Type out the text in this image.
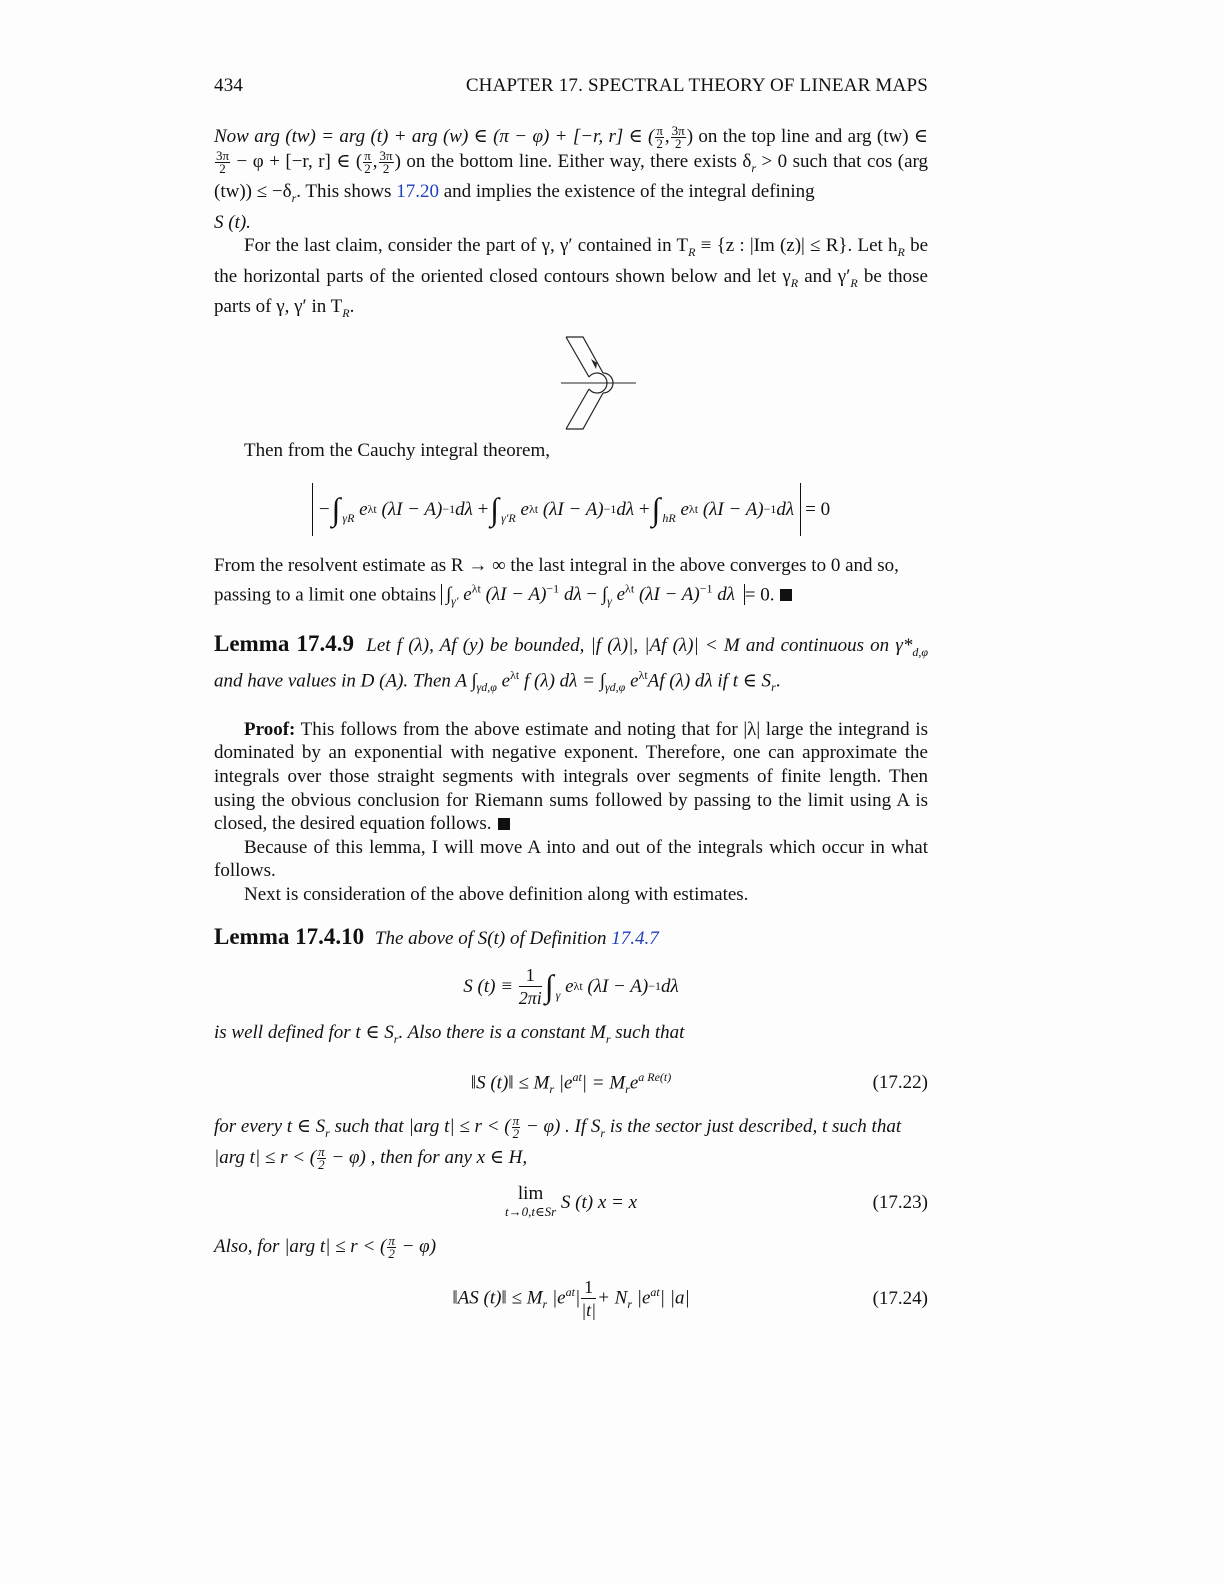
434	CHAPTER 17. SPECTRAL THEORY OF LINEAR MAPS

Now arg (tw) = arg (t) + arg (w) ∈ (π − φ) + [−r, r] ∈ ( $\frac{\pi}{2}$ , $\frac{3\pi}{2}$ ) on the top line and arg (tw) ∈
$\frac{3\pi}{2} - \varphi + [-r$, r] ∈ ( $\frac{\pi}{2}$ , $\frac{3\pi}{2}$ ) on the bottom line. Either way, there exists $\delta_r > 0$ such that cos (arg $(tw)) \le -\delta_r$. This shows 17.20 and implies the existence of the integral defining
S (t).

For the last claim, consider the part of γ, γ′ contained in $T_R \equiv \{z$ : |Im (z)| ≤ R}. Let $h_R$ be the horizontal parts of the oriented closed contours shown below and let $\gamma_R$ and $\gamma'_R$ be those parts of γ, γ′ in $T_R$.

Then from the Cauchy integral theorem,

− $\int_{\gamma R}$
e λt
(λI − A) −1 dλ
+ $\int_{\gamma'R}$
e λt
(λI − A) −1 dλ
+ $\int_{hR}$
e λt
(λI − A) −1 dλ = 0

From the resolvent estimate as R → ∞ the last integral in the above converges to 0 and so,
passing to a limit one obtains $\int_{\gamma'}$ $e^{\lambda t}$ $(\lambda I - A)^{-1}$ $d\lambda - \int_\gamma$ $e^{\lambda t}$ $(\lambda I - A)^{-1}$ dλ = 0.

Lemma 17.4.9 Let f (λ), Af (y) be bounded, |f (λ)|, |Af (λ)| < M and continuous on $\gamma*_{d,\varphi}$ and have values in D (A). Then A $\int_{\gamma d,\varphi}$ $e^{\lambda t}$ f (λ) $d\lambda = \int_{\gamma d,\varphi}$ $e^{\lambda t}Af$ (λ) dλ if t ∈ $S_r$.

Proof: This follows from the above estimate and noting that for |λ| large the integrand is dominated by an exponential with negative exponent. Therefore, one can approximate the integrals over those straight segments with integrals over segments of finite length. Then using the obvious conclusion for Riemann sums followed by passing to the limit using A is closed, the desired equation follows.

Because of this lemma, I will move A into and out of the integrals which occur in what follows.

Next is consideration of the above definition along with estimates.

Lemma 17.4.10 The above of S(t) of Definition 17.4.7

S (t) ≡
$\frac{1}{2\pi i} \int_\gamma$
e λt
(λI − A) −1 dλ

is well defined for t ∈ $S_r$. Also there is a constant $M_r$ such that

‖S (t)‖ ≤ $M_r$ $|e^{at}| = M_re^{a Re(t)}$	(17.22)

for every t ∈ $S_r$ such that |arg t| ≤ r < ( $\frac{\pi}{2} - \varphi$) . If $S_r$ is the sector just described, t such that
|arg t| ≤ r < ( $\frac{\pi}{2} - \varphi$) , then for any x ∈ H,

lim
t→0,t∈Sr
S (t) x = x	(17.23)

Also, for |arg t| ≤ r < ( $\frac{\pi}{2} - \varphi$)

‖AS (t)‖ ≤ $M_r$ $|e^{at}| \frac{1}{|t|} + N_r$ $|e^{at}|$ |a|	(17.24)
